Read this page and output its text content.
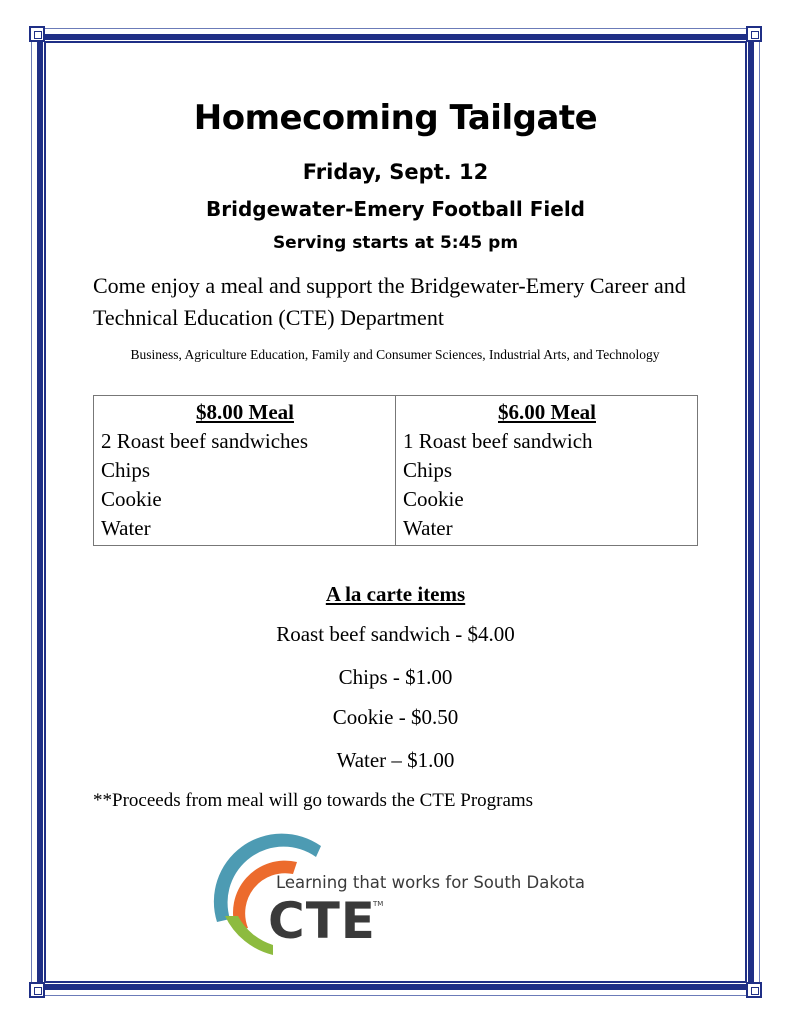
Homecoming Tailgate
Friday, Sept. 12
Bridgewater-Emery Football Field
Serving starts at 5:45 pm
Come enjoy a meal and support the Bridgewater-Emery Career and Technical Education (CTE) Department
Business, Agriculture Education, Family and Consumer Sciences, Industrial Arts, and Technology
$8.00 Meal
2 Roast beef sandwiches
Chips
Cookie
Water

$6.00 Meal
1 Roast beef sandwich
Chips
Cookie
Water
A la carte items
Roast beef sandwich - $4.00
Chips - $1.00
Cookie - $0.50
Water – $1.00
**Proceeds from meal will go towards the CTE Programs
Learning that works for South Dakota
CTE
TM
